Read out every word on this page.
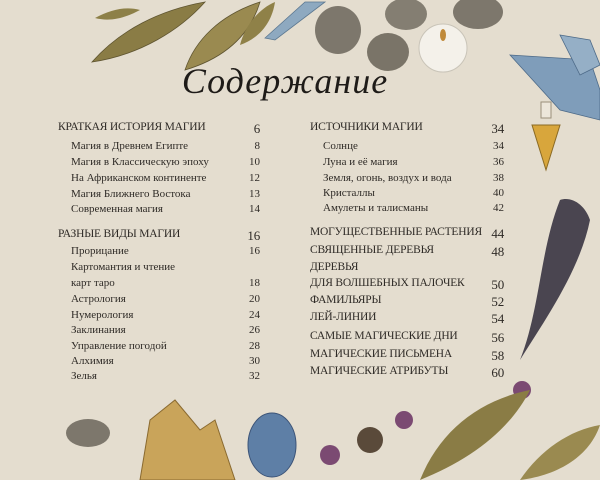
Содержание
КРАТКАЯ ИСТОРИЯ МАГИИ	6
Магия в Древнем Египте	8
Магия в Классическую эпоху	10
На Африканском континенте	12
Магия Ближнего Востока	13
Современная магия	14
РАЗНЫЕ ВИДЫ МАГИИ	16
Прорицание	16
Картомантия и чтение
карт таро	18
Астрология	20
Нумерология	24
Заклинания	26
Управление погодой	28
Алхимия	30
Зелья	32
ИСТОЧНИКИ МАГИИ	34
Солнце	34
Луна и её магия	36
Земля, огонь, воздух и вода	38
Кристаллы	40
Амулеты и талисманы	42
МОГУЩЕСТВЕННЫЕ РАСТЕНИЯ 44
СВЯЩЕННЫЕ ДЕРЕВЬЯ	48
ДЕРЕВЬЯ
ДЛЯ ВОЛШЕБНЫХ ПАЛОЧЕК	50
ФАМИЛЬЯРЫ	52
ЛЕЙ-ЛИНИИ	54
САМЫЕ МАГИЧЕСКИЕ ДНИ	56
МАГИЧЕСКИЕ ПИСЬМЕНА	58
МАГИЧЕСКИЕ АТРИБУТЫ	60
